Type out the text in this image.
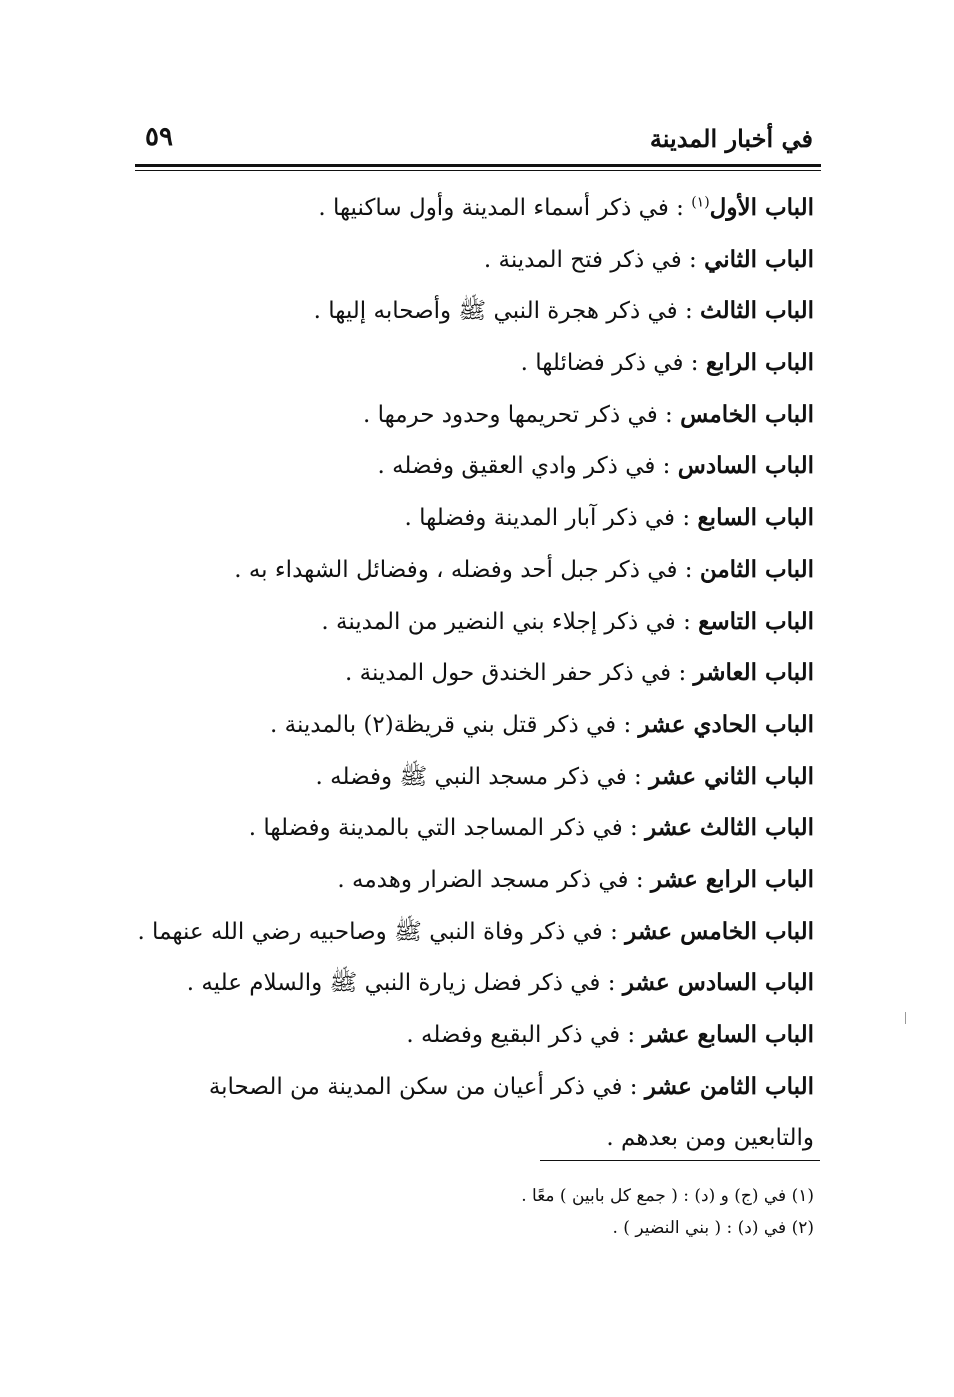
٥٩	في أخبار المدينة
الباب الأول$^{(١)}$ : في ذكر أسماء المدينة وأول ساكنيها .
الباب الثاني : في ذكر فتح المدينة .
الباب الثالث : في ذكر هجرة النبي ﷺ وأصحابه إليها .
الباب الرابع : في ذكر فضائلها .
الباب الخامس : في ذكر تحريمها وحدود حرمها .
الباب السادس : في ذكر وادي العقيق وفضله .
الباب السابع : في ذكر آبار المدينة وفضلها .
الباب الثامن : في ذكر جبل أحد وفضله ، وفضائل الشهداء به .
الباب التاسع : في ذكر إجلاء بني النضير من المدينة .
الباب العاشر : في ذكر حفر الخندق حول المدينة .
الباب الحادي عشر : في ذكر قتل بني قريظة(٢) بالمدينة .
الباب الثاني عشر : في ذكر مسجد النبي ﷺ وفضله .
الباب الثالث عشر : في ذكر المساجد التي بالمدينة وفضلها .
الباب الرابع عشر : في ذكر مسجد الضرار وهدمه .
الباب الخامس عشر : في ذكر وفاة النبي ﷺ وصاحبيه رضي الله عنهما .
الباب السادس عشر : في ذكر فضل زيارة النبي ﷺ والسلام عليه .
الباب السابع عشر : في ذكر البقيع وفضله .
الباب الثامن عشر : في ذكر أعيان من سكن المدينة من الصحابة والتابعين ومن بعدهم .
(١) في (ج) و (د) : ( جمع كل بابين ) معًا .
(٢) في (د) : ( بني النضير ) .
